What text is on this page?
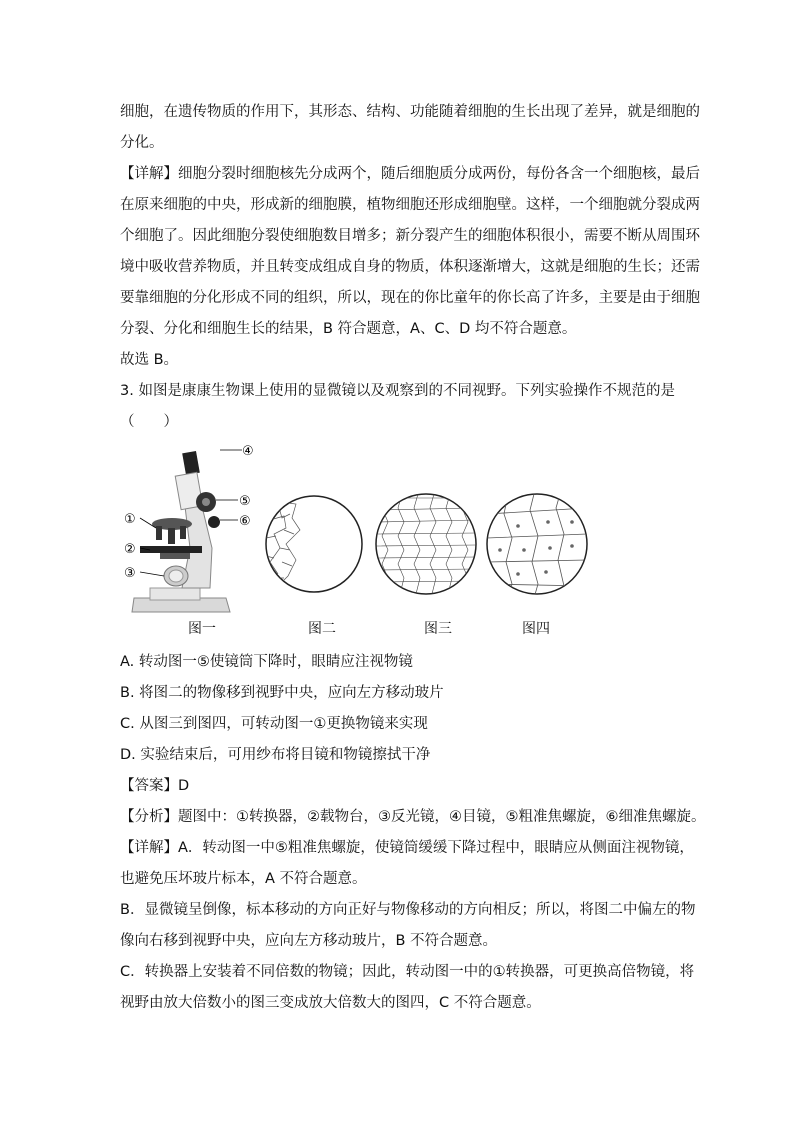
细胞，在遗传物质的作用下，其形态、结构、功能随着细胞的生长出现了差异，就是细胞的
分化。
【详解】细胞分裂时细胞核先分成两个，随后细胞质分成两份，每份各含一个细胞核，最后
在原来细胞的中央，形成新的细胞膜，植物细胞还形成细胞壁。这样，一个细胞就分裂成两
个细胞了。因此细胞分裂使细胞数目增多；新分裂产生的细胞体积很小，需要不断从周围环
境中吸收营养物质，并且转变成组成自身的物质，体积逐渐增大，这就是细胞的生长；还需
要靠细胞的分化形成不同的组织，所以，现在的你比童年的你长高了许多，主要是由于细胞
分裂、分化和细胞生长的结果，B 符合题意，A、C、D 均不符合题意。
故选 B。
3. 如图是康康生物课上使用的显微镜以及观察到的不同视野。下列实验操作不规范的是
（　　）
④
⑤
⑥
①
②
③
图一	图二	图三	图四
A. 转动图一⑤使镜筒下降时，眼睛应注视物镜
B. 将图二的物像移到视野中央，应向左方移动玻片
C. 从图三到图四，可转动图一①更换物镜来实现
D. 实验结束后，可用纱布将目镜和物镜擦拭干净
【答案】D
【分析】题图中：①转换器，②载物台，③反光镜，④目镜，⑤粗准焦螺旋，⑥细准焦螺旋。
【详解】A．转动图一中⑤粗准焦螺旋，使镜筒缓缓下降过程中，眼睛应从侧面注视物镜，
也避免压坏玻片标本，A 不符合题意。
B．显微镜呈倒像，标本移动的方向正好与物像移动的方向相反；所以，将图二中偏左的物
像向右移到视野中央，应向左方移动玻片，B 不符合题意。
C．转换器上安装着不同倍数的物镜；因此，转动图一中的①转换器，可更换高倍物镜，将
视野由放大倍数小的图三变成放大倍数大的图四，C 不符合题意。
